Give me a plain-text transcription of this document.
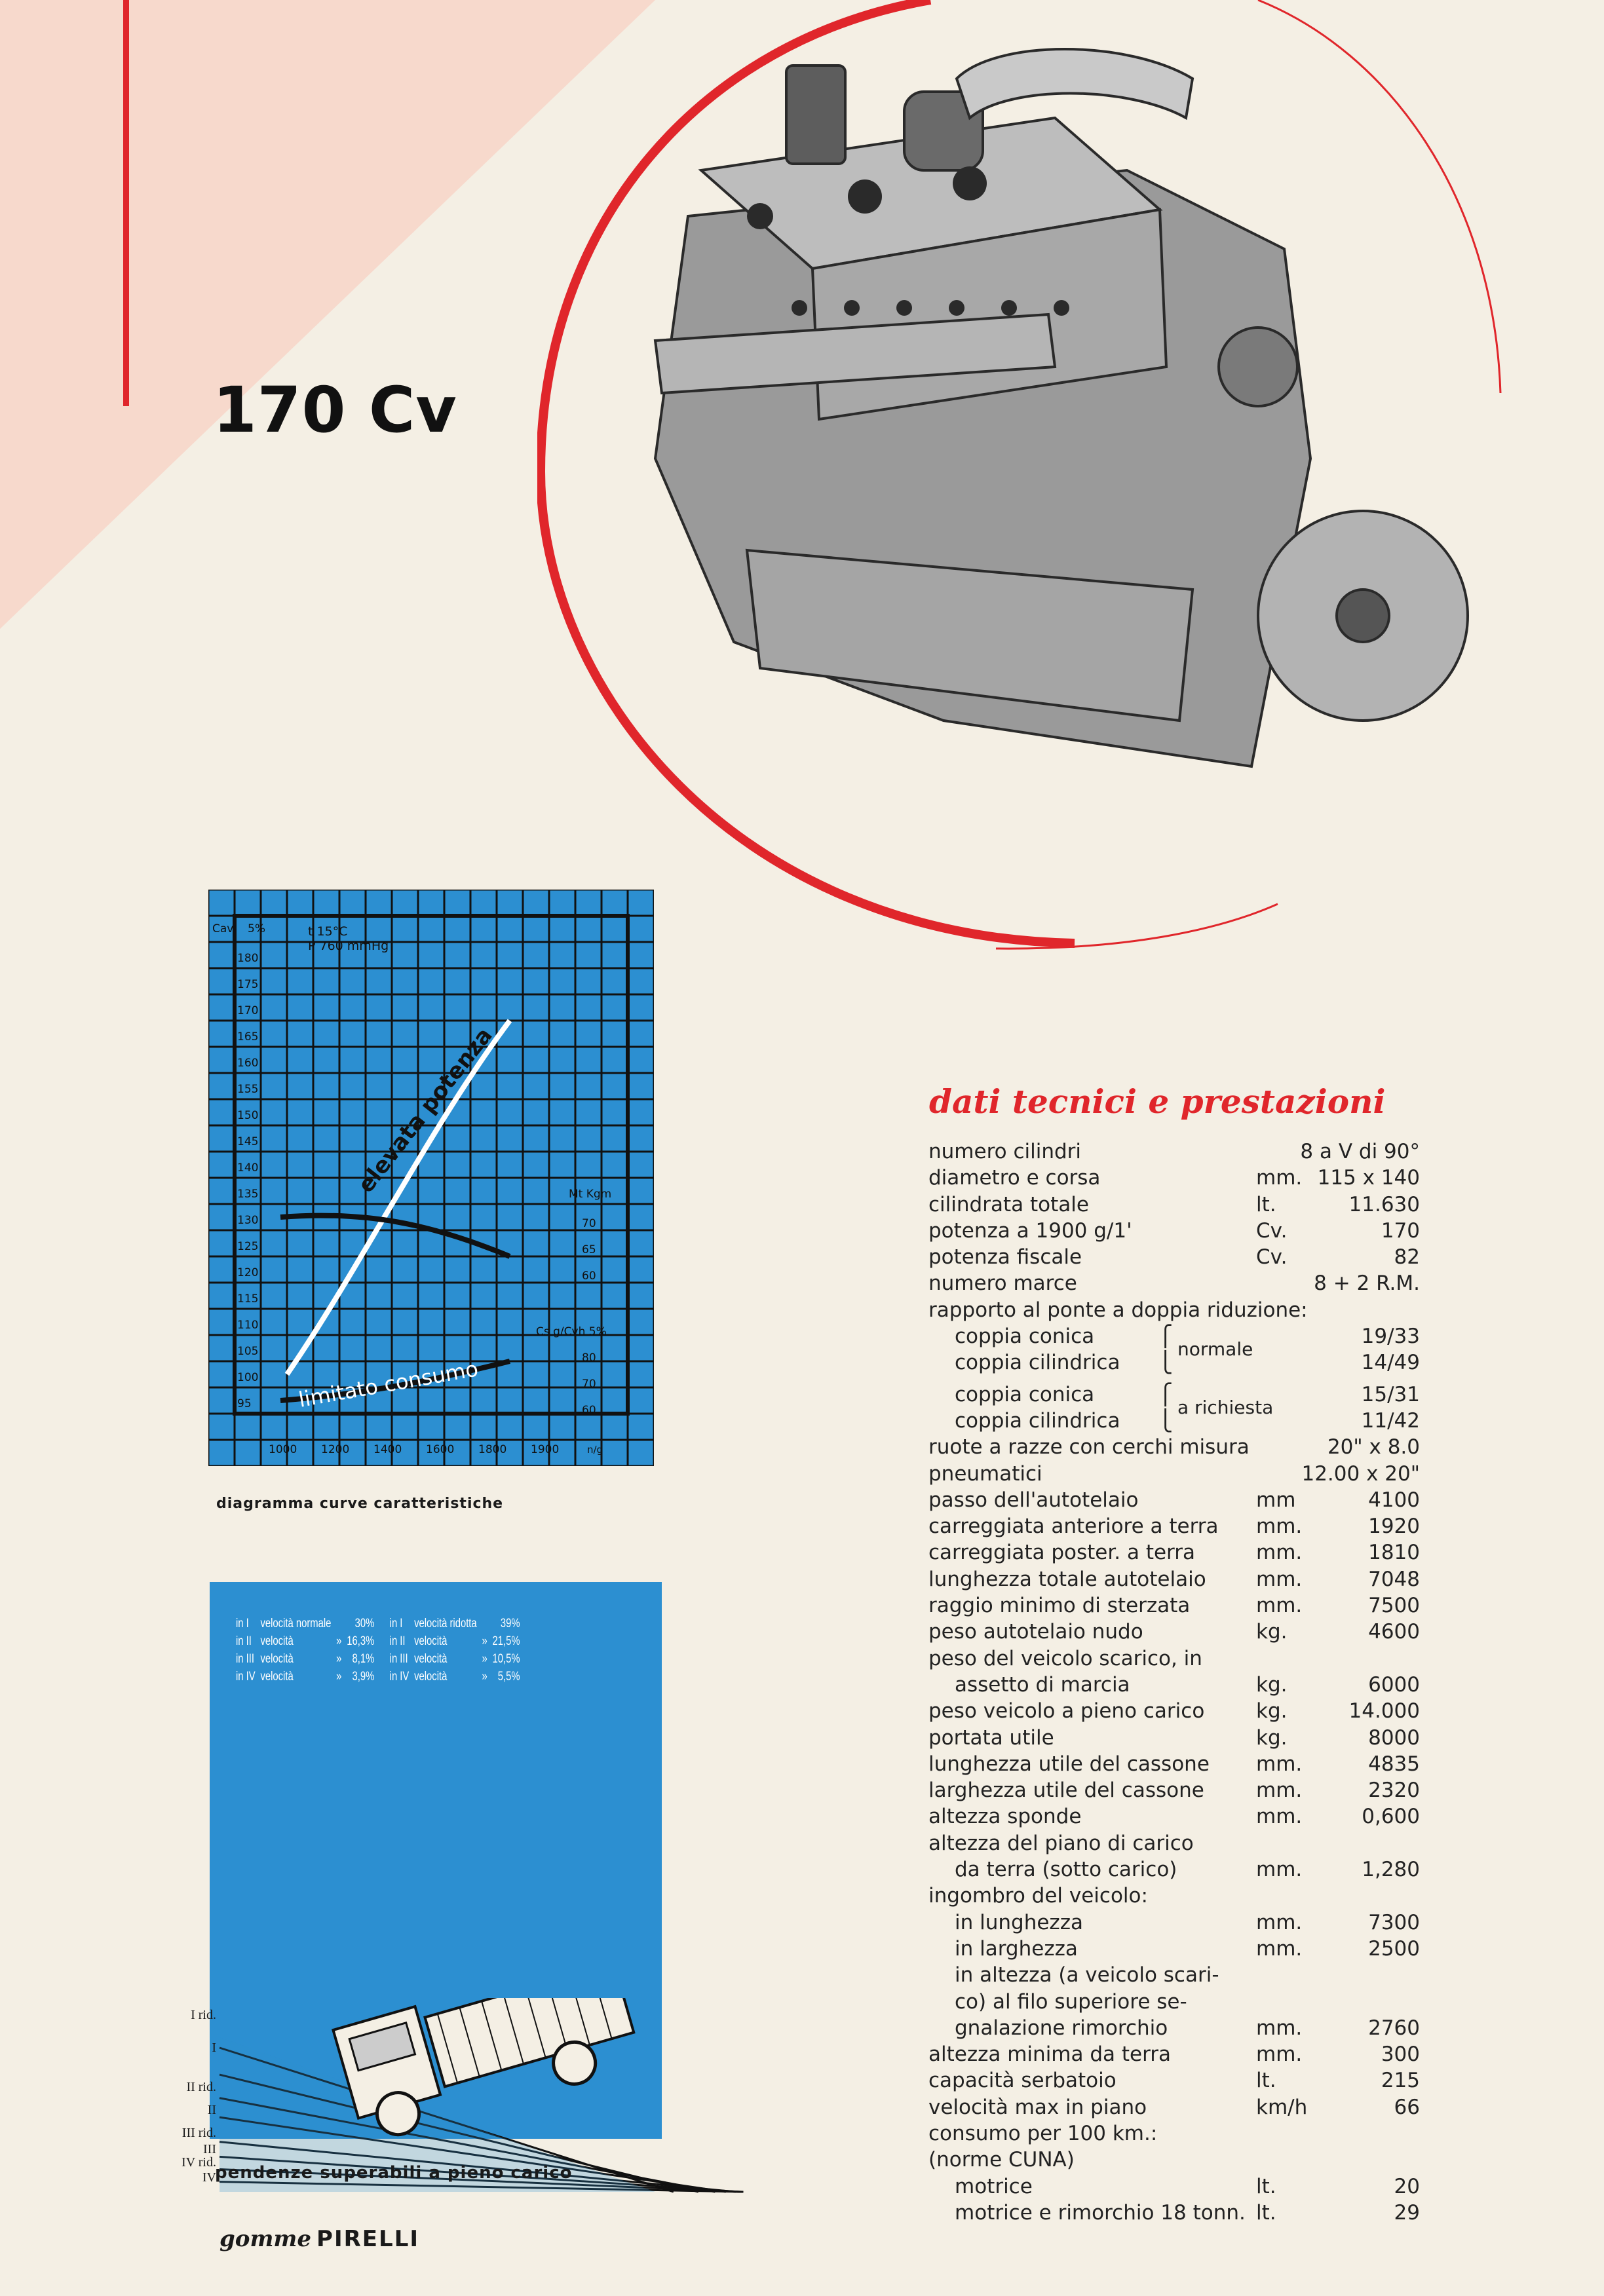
170 Cv
Cav 5%
180
175
170
165
160
155
150
145
140
135
130
125
120
115
110
105
100
95
t 15°C
P 760 mmHg
Mt Kgm
70
65
60
Cs g/Cvh 5%
80
70
60
1000 1200 1400 1600 1800 1900	n/g
elevata potenza
limitato consumo
diagramma curve caratteristiche
in I	velocità normale		30%	in I	velocità ridotta		39%
in II	velocità	»	16,3%	in II	velocità	»	21,5%
in III	velocità	»	8,1%	in III	velocità	»	10,5%
in IV	velocità	»	3,9%	in IV	velocità	»	5,5%
I rid.
I
II rid.
II
III rid.
III
IV rid.
IV
pendenze superabili a pieno carico
gomme PIRELLI
dati tecnici e prestazioni
numero cilindri	8 a V di 90°
diametro e corsa	mm. 115 x 140
cilindrata totale	lt.	11.630
potenza a 1900 g/1'	Cv.	170
potenza fiscale	Cv.	82
numero marce	8 + 2 R.M.
rapporto al ponte a doppia riduzione:
coppia conica	⎧	19/33
normale
coppia cilindrica ⎩	14/49
coppia conica	⎧	15/31
a richiesta
coppia cilindrica ⎩	11/42
ruote a razze con cerchi misura	20" x 8.0
pneumatici	12.00 x 20"
passo dell'autotelaio	mm	4100
carreggiata anteriore a terra mm.	1920
carreggiata poster. a terra	mm.	1810
lunghezza totale autotelaio mm.	7048
raggio minimo di sterzata	mm.	7500
peso autotelaio nudo	kg.	4600
peso del veicolo scarico, in
assetto di marcia	kg.	6000
peso veicolo a pieno carico	kg.	14.000
portata utile	kg.	8000
lunghezza utile del cassone mm.	4835
larghezza utile del cassone	mm.	2320
altezza sponde	mm.	0,600
altezza del piano di carico
da terra (sotto carico)	mm.	1,280
ingombro del veicolo:
in lunghezza	mm.	7300
in larghezza	mm.	2500
in altezza (a veicolo scari-
co) al filo superiore se-
gnalazione rimorchio	mm.	2760
altezza minima da terra	mm.	300
capacità serbatoio	lt.	215
velocità max in piano	km/h	66
consumo per 100 km.:
(norme CUNA)
motrice	lt.	20
motrice e rimorchio 18 tonn. lt.	29
